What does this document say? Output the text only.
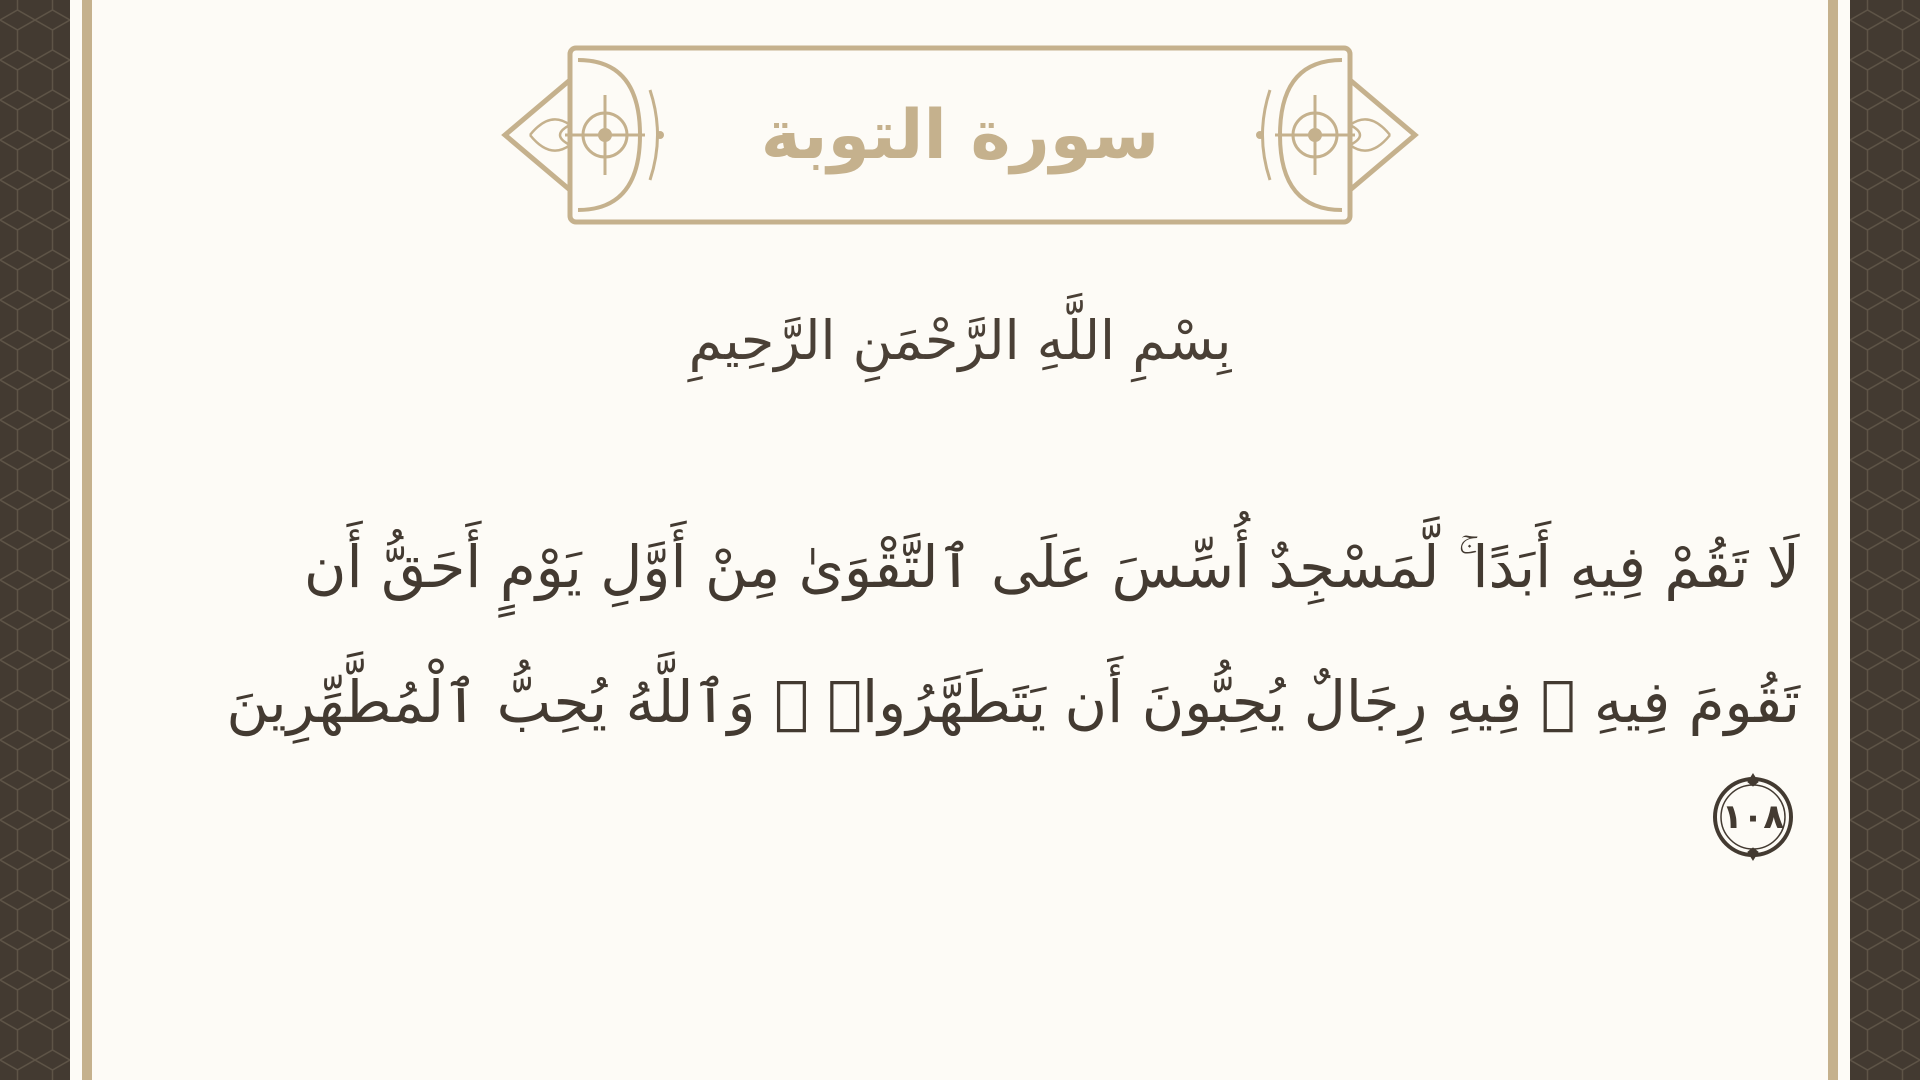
سورة التوبة
بِسْمِ اللَّهِ الرَّحْمَنِ الرَّحِيمِ
لَا تَقُمْ فِيهِ أَبَدًا ۚ لَّمَسْجِدٌ أُسِّسَ عَلَى ٱلتَّقْوَىٰ مِنْ أَوَّلِ يَوْمٍ أَحَقُّ أَن
تَقُومَ فِيهِ ۚ فِيهِ رِجَالٌ يُحِبُّونَ أَن يَتَطَهَّرُوا۟ ۚ وَٱللَّهُ يُحِبُّ ٱلْمُطَّهِّرِينَ
١٠٨
